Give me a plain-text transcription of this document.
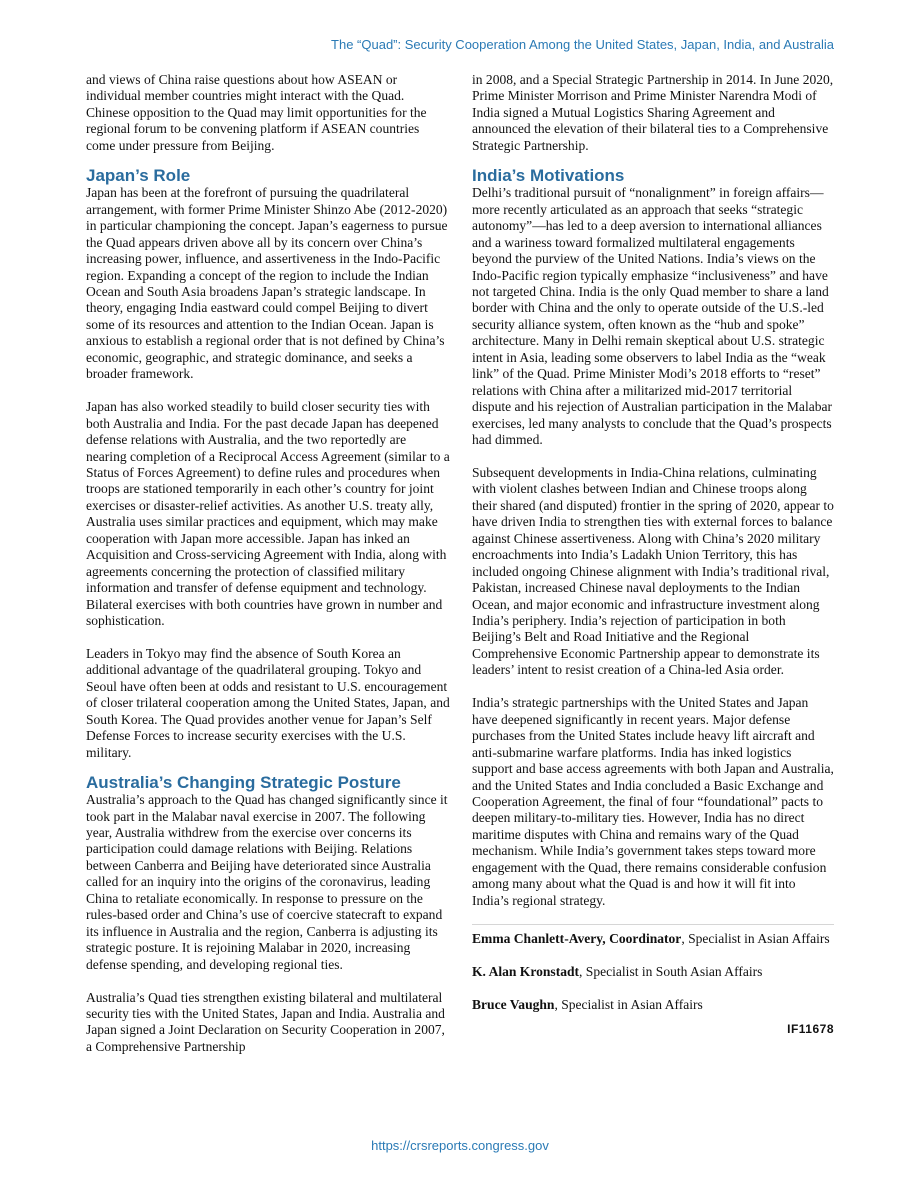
The “Quad”: Security Cooperation Among the United States, Japan, India, and Australia

and views of China raise questions about how ASEAN or individual member countries might interact with the Quad. Chinese opposition to the Quad may limit opportunities for the regional forum to be convening platform if ASEAN countries come under pressure from Beijing.

Japan’s Role

Japan has been at the forefront of pursuing the quadrilateral arrangement, with former Prime Minister Shinzo Abe (2012-2020) in particular championing the concept. Japan’s eagerness to pursue the Quad appears driven above all by its concern over China’s increasing power, influence, and assertiveness in the Indo-Pacific region. Expanding a concept of the region to include the Indian Ocean and South Asia broadens Japan’s strategic landscape. In theory, engaging India eastward could compel Beijing to divert some of its resources and attention to the Indian Ocean. Japan is anxious to establish a regional order that is not defined by China’s economic, geographic, and strategic dominance, and seeks a broader framework.

Japan has also worked steadily to build closer security ties with both Australia and India. For the past decade Japan has deepened defense relations with Australia, and the two reportedly are nearing completion of a Reciprocal Access Agreement (similar to a Status of Forces Agreement) to define rules and procedures when troops are stationed temporarily in each other’s country for joint exercises or disaster-relief activities. As another U.S. treaty ally, Australia uses similar practices and equipment, which may make cooperation with Japan more accessible. Japan has inked an Acquisition and Cross-servicing Agreement with India, along with agreements concerning the protection of classified military information and transfer of defense equipment and technology. Bilateral exercises with both countries have grown in number and sophistication.

Leaders in Tokyo may find the absence of South Korea an additional advantage of the quadrilateral grouping. Tokyo and Seoul have often been at odds and resistant to U.S. encouragement of closer trilateral cooperation among the United States, Japan, and South Korea. The Quad provides another venue for Japan’s Self Defense Forces to increase security exercises with the U.S. military.

Australia’s Changing Strategic Posture

Australia’s approach to the Quad has changed significantly since it took part in the Malabar naval exercise in 2007. The following year, Australia withdrew from the exercise over concerns its participation could damage relations with Beijing. Relations between Canberra and Beijing have deteriorated since Australia called for an inquiry into the origins of the coronavirus, leading China to retaliate economically. In response to pressure on the rules-based order and China’s use of coercive statecraft to expand its influence in Australia and the region, Canberra is adjusting its strategic posture. It is rejoining Malabar in 2020, increasing defense spending, and developing regional ties.

Australia’s Quad ties strengthen existing bilateral and multilateral security ties with the United States, Japan and India. Australia and Japan signed a Joint Declaration on Security Cooperation in 2007, a Comprehensive Partnership

in 2008, and a Special Strategic Partnership in 2014. In June 2020, Prime Minister Morrison and Prime Minister Narendra Modi of India signed a Mutual Logistics Sharing Agreement and announced the elevation of their bilateral ties to a Comprehensive Strategic Partnership.

India’s Motivations

Delhi’s traditional pursuit of “nonalignment” in foreign affairs—more recently articulated as an approach that seeks “strategic autonomy”—has led to a deep aversion to international alliances and a wariness toward formalized multilateral engagements beyond the purview of the United Nations. India’s views on the Indo-Pacific region typically emphasize “inclusiveness” and have not targeted China. India is the only Quad member to share a land border with China and the only to operate outside of the U.S.-led security alliance system, often known as the “hub and spoke” architecture. Many in Delhi remain skeptical about U.S. strategic intent in Asia, leading some observers to label India as the “weak link” of the Quad. Prime Minister Modi’s 2018 efforts to “reset” relations with China after a militarized mid-2017 territorial dispute and his rejection of Australian participation in the Malabar exercises, led many analysts to conclude that the Quad’s prospects had dimmed.

Subsequent developments in India-China relations, culminating with violent clashes between Indian and Chinese troops along their shared (and disputed) frontier in the spring of 2020, appear to have driven India to strengthen ties with external forces to balance against Chinese assertiveness. Along with China’s 2020 military encroachments into India’s Ladakh Union Territory, this has included ongoing Chinese alignment with India’s traditional rival, Pakistan, increased Chinese naval deployments to the Indian Ocean, and major economic and infrastructure investment along India’s periphery. India’s rejection of participation in both Beijing’s Belt and Road Initiative and the Regional Comprehensive Economic Partnership appear to demonstrate its leaders’ intent to resist creation of a China-led Asia order.

India’s strategic partnerships with the United States and Japan have deepened significantly in recent years. Major defense purchases from the United States include heavy lift aircraft and anti-submarine warfare platforms. India has inked logistics support and base access agreements with both Japan and Australia, and the United States and India concluded a Basic Exchange and Cooperation Agreement, the final of four “foundational” pacts to deepen military-to-military ties. However, India has no direct maritime disputes with China and remains wary of the Quad mechanism. While India’s government takes steps toward more engagement with the Quad, there remains considerable confusion among many about what the Quad is and how it will fit into India’s regional strategy.

Emma Chanlett-Avery, Coordinator, Specialist in Asian Affairs

K. Alan Kronstadt, Specialist in South Asian Affairs

Bruce Vaughn, Specialist in Asian Affairs

IF11678
https://crsreports.congress.gov
